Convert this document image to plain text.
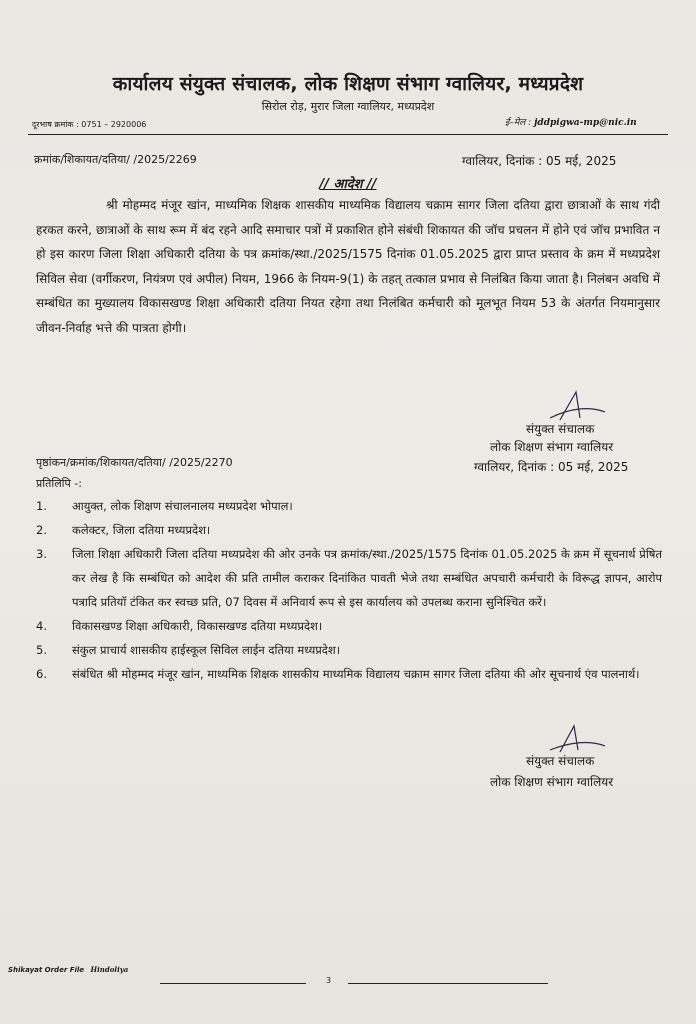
कार्यालय संयुक्त संचालक, लोक शिक्षण संभाग ग्वालियर, मध्यप्रदेश
सिरोल रोड़, मुरार जिला ग्वालियर, मध्यप्रदेश
दूरभाष क्रमांक : 0751 – 2920006	ई–मेल : jddpigwa-mp@nic.in
क्रमांक/शिकायत/दतिया/ /2025/2269	ग्वालियर, दिनांक : 05 मई, 2025
// आदेश //
श्री मोहम्मद मंजूर खांन, माध्यमिक शिक्षक शासकीय माध्यमिक विद्यालय चक्राम सागर जिला दतिया द्वारा छात्राओं के साथ गंदी हरकत करने, छात्राओं के साथ रूम में बंद रहने आदि समाचार पत्रों में प्रकाशित होने संबंधी शिकायत की जॉच प्रचलन में होने एवं जॉच प्रभावित न हो इस कारण जिला शिक्षा अधिकारी दतिया के पत्र क्रमांक/स्था./2025/1575 दिनांक 01.05.2025 द्वारा प्राप्त प्रस्ताव के क्रम में मध्यप्रदेश सिविल सेवा (वर्गीकरण, नियंत्रण एवं अपील) नियम, 1966 के नियम-9(1) के तहत् तत्काल प्रभाव से निलंबित किया जाता है। निलंबन अवधि में सम्बंधित का मुख्यालय विकासखण्ड शिक्षा अधिकारी दतिया नियत रहेगा तथा निलंबित कर्मचारी को मूलभूत नियम 53 के अंतर्गत नियमानुसार जीवन-निर्वाह भत्ते की पात्रता होगी।
संयुक्त संचालक
लोक शिक्षण संभाग ग्वालियर
पृष्ठांकन/क्रमांक/शिकायत/दतिया/ /2025/2270	ग्वालियर, दिनांक : 05 मई, 2025
प्रतिलिपि -:
1. आयुक्त, लोक शिक्षण संचालनालय मध्यप्रदेश भोपाल।
2. कलेक्टर, जिला दतिया मध्यप्रदेश।
3. जिला शिक्षा अधिकारी जिला दतिया मध्यप्रदेश की ओर उनके पत्र क्रमांक/स्था./2025/1575 दिनांक 01.05.2025 के क्रम में सूचनार्थ प्रेषित कर लेख है कि सम्बंधित को आदेश की प्रति तामील कराकर दिनांकित पावती भेजे तथा सम्बंधित अपचारी कर्मचारी के विरूद्ध ज्ञापन, आरोप पत्रादि प्रतियॉ टंकित कर स्वच्छ प्रति, 07 दिवस में अनिवार्य रूप से इस कार्यालय को उपलब्ध कराना सुनिश्चित करें।
4. विकासखण्ड शिक्षा अधिकारी, विकासखण्ड दतिया मध्यप्रदेश।
5. संकुल प्राचार्य शासकीय हाईस्कूल सिविल लाईन दतिया मध्यप्रदेश।
6. संबंधित श्री मोहम्मद मंजूर खांन, माध्यमिक शिक्षक शासकीय माध्यमिक विद्यालय चक्राम सागर जिला दतिया की ओर सूचनार्थ एंव पालनार्थ।
संयुक्त संचालक
लोक शिक्षण संभाग ग्वालियर
Shikayat Order File Hindoliya
3
